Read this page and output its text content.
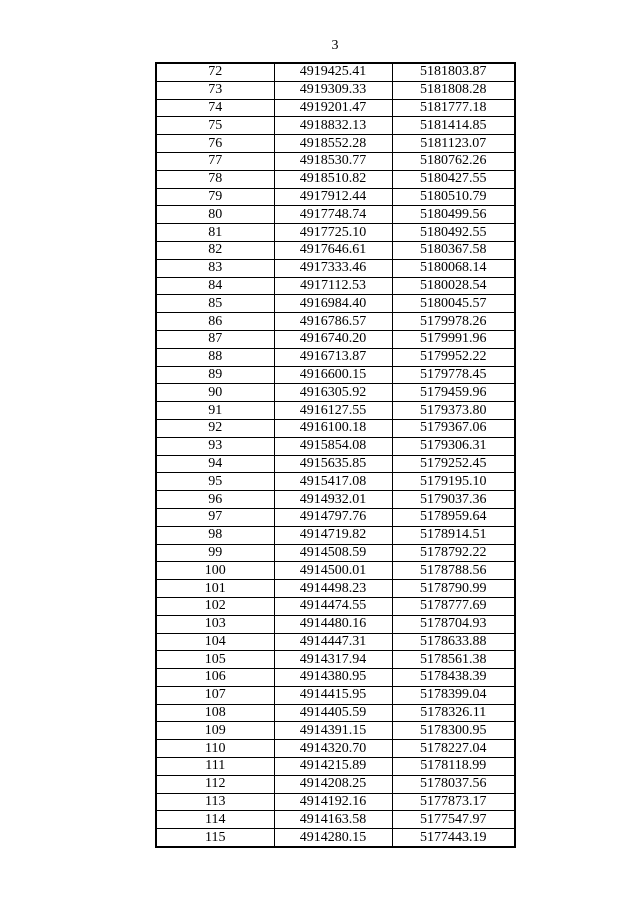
3
72	4919425.41	5181803.87
73	4919309.33	5181808.28
74	4919201.47	5181777.18
75	4918832.13	5181414.85
76	4918552.28	5181123.07
77	4918530.77	5180762.26
78	4918510.82	5180427.55
79	4917912.44	5180510.79
80	4917748.74	5180499.56
81	4917725.10	5180492.55
82	4917646.61	5180367.58
83	4917333.46	5180068.14
84	4917112.53	5180028.54
85	4916984.40	5180045.57
86	4916786.57	5179978.26
87	4916740.20	5179991.96
88	4916713.87	5179952.22
89	4916600.15	5179778.45
90	4916305.92	5179459.96
91	4916127.55	5179373.80
92	4916100.18	5179367.06
93	4915854.08	5179306.31
94	4915635.85	5179252.45
95	4915417.08	5179195.10
96	4914932.01	5179037.36
97	4914797.76	5178959.64
98	4914719.82	5178914.51
99	4914508.59	5178792.22
100	4914500.01	5178788.56
101	4914498.23	5178790.99
102	4914474.55	5178777.69
103	4914480.16	5178704.93
104	4914447.31	5178633.88
105	4914317.94	5178561.38
106	4914380.95	5178438.39
107	4914415.95	5178399.04
108	4914405.59	5178326.11
109	4914391.15	5178300.95
110	4914320.70	5178227.04
111	4914215.89	5178118.99
112	4914208.25	5178037.56
113	4914192.16	5177873.17
114	4914163.58	5177547.97
115	4914280.15	5177443.19
